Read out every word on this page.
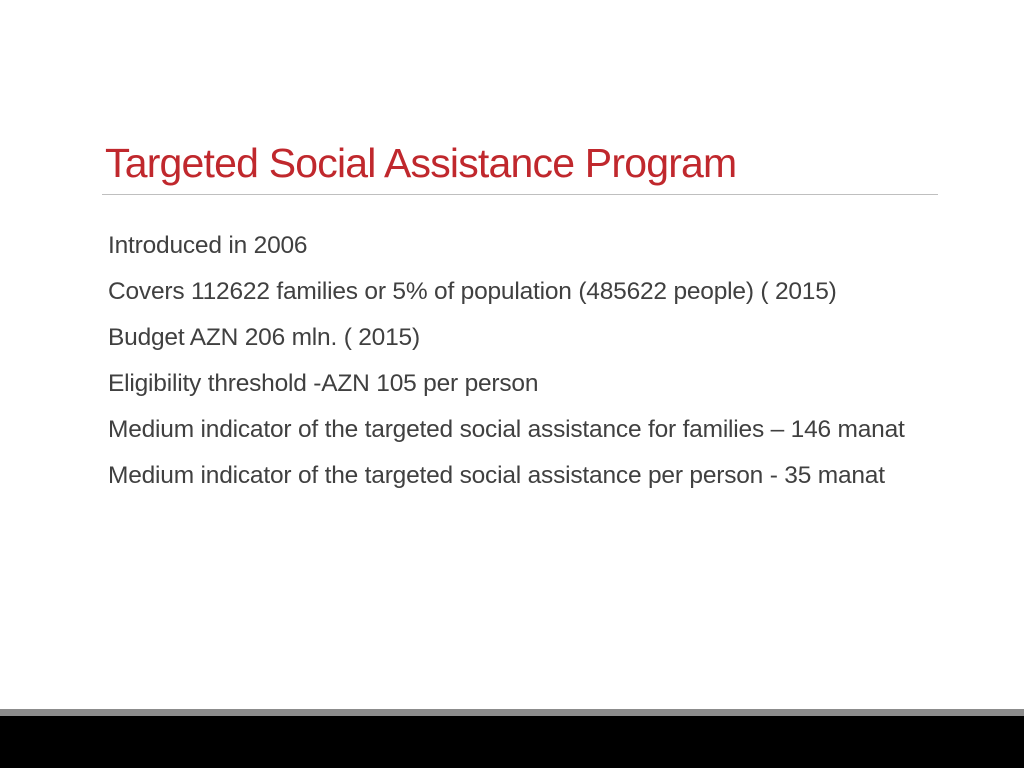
Targeted Social Assistance Program
Introduced in 2006
Covers 112622 families or 5% of population (485622 people) ( 2015)
Budget AZN 206 mln. ( 2015)
Eligibility threshold -AZN 105 per person
Medium indicator of the targeted social assistance for families – 146 manat
Medium indicator of the targeted social assistance per person - 35 manat
